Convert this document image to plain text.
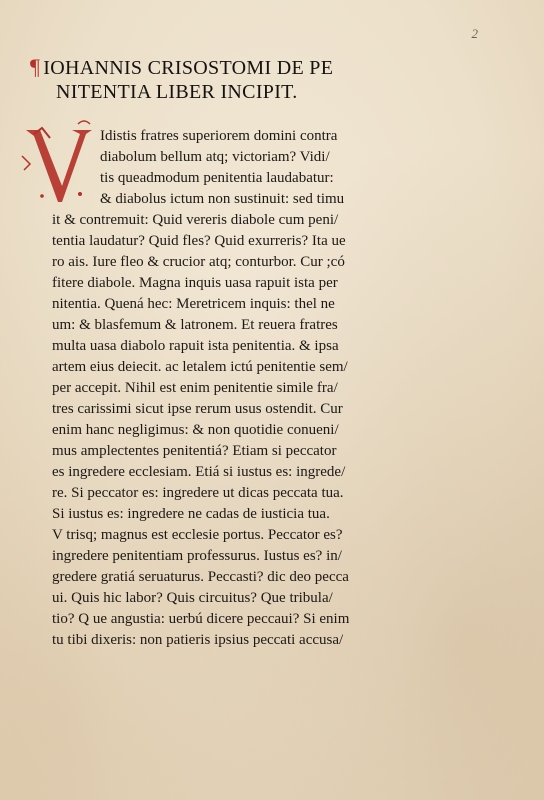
2
¶ IOHANNIS CRISOSTOMI DE PE
NITENTIA LIBER INCIPIT.
Idistis fratres superiorem domini contra
diabolum bellum atq; victoriam? Vidi/
tis queadmodum penitentia laudabatur:
& diabolus ictum non sustinuit: sed timu
it & contremuit: Quid vereris diabole cum peni/
tentia laudatur? Quid fles? Quid exurreris? Ita ue
ro ais. Iure fleo & crucior atq; conturbor. Cur ;có
fitere diabole. Magna inquis uasa rapuit ista per
nitentia. Quená hec: Meretricem inquis: thel ne
um: & blasfemum & latronem. Et reuera fratres
multa uasa diabolo rapuit ista penitentia. & ipsa
artem eius deiecit. ac letalem ictú penitentie sem/
per accepit. Nihil est enim penitentie simile fra/
tres carissimi sicut ipse rerum usus ostendit. Cur
enim hanc negligimus: & non quotidie conueni/
mus amplectentes penitentiá? Etiam si peccator
es ingredere ecclesiam. Etiá si iustus es: ingrede/
re. Si peccator es: ingredere ut dicas peccata tua.
Si iustus es: ingredere ne cadas de iusticia tua.
V trisq; magnus est ecclesie portus. Peccator es?
ingredere penitentiam professurus. Iustus es? in/
gredere gratiá seruaturus. Peccasti? dic deo pecca
ui. Quis hic labor? Quis circuitus? Que tribula/
tio? Q ue angustia: uerbú dicere peccaui? Si enim
tu tibi dixeris: non patieris ipsius peccati accusa/
